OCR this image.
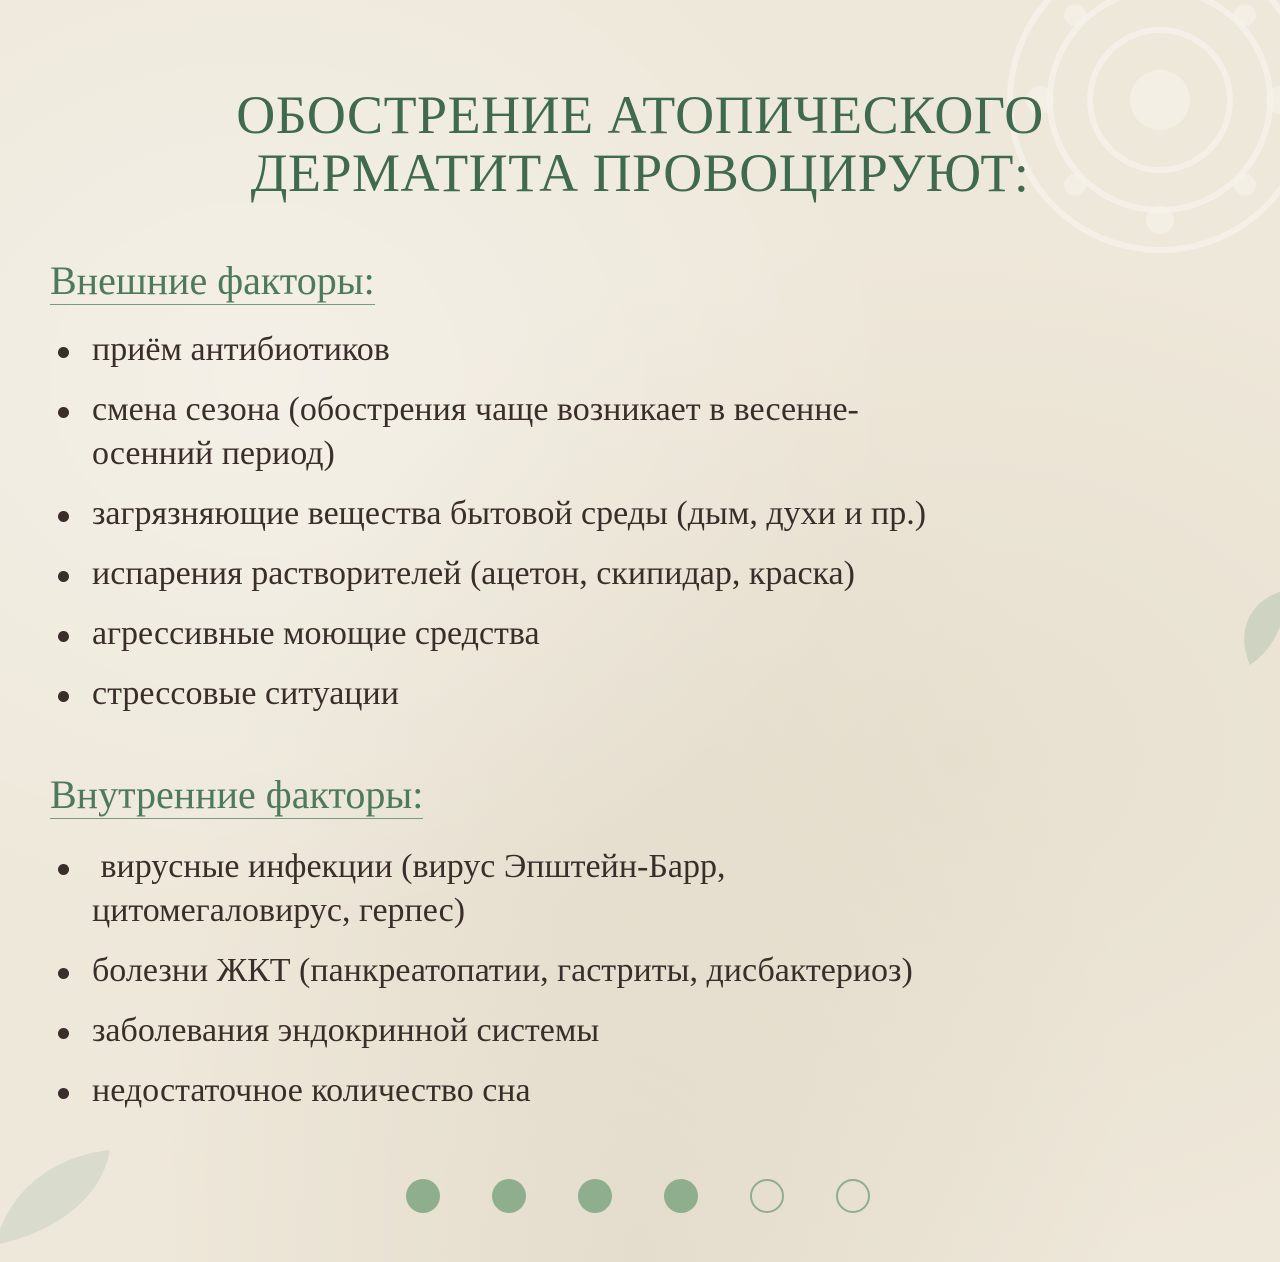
ОБОСТРЕНИЕ АТОПИЧЕСКОГО
ДЕРМАТИТА ПРОВОЦИРУЮТ:
Внешние факторы:
приём антибиотиков
смена сезона (обострения чаще возникает в весенне-
осенний период)
загрязняющие вещества бытовой среды (дым, духи и пр.)
испарения растворителей (ацетон, скипидар, краска)
агрессивные моющие средства
стрессовые ситуации
Внутренние факторы:
вирусные инфекции (вирус Эпштейн-Барр,
цитомегаловирус, герпес)
болезни ЖКТ (панкреатопатии, гастриты, дисбактериоз)
заболевания эндокринной системы
недостаточное количество сна
